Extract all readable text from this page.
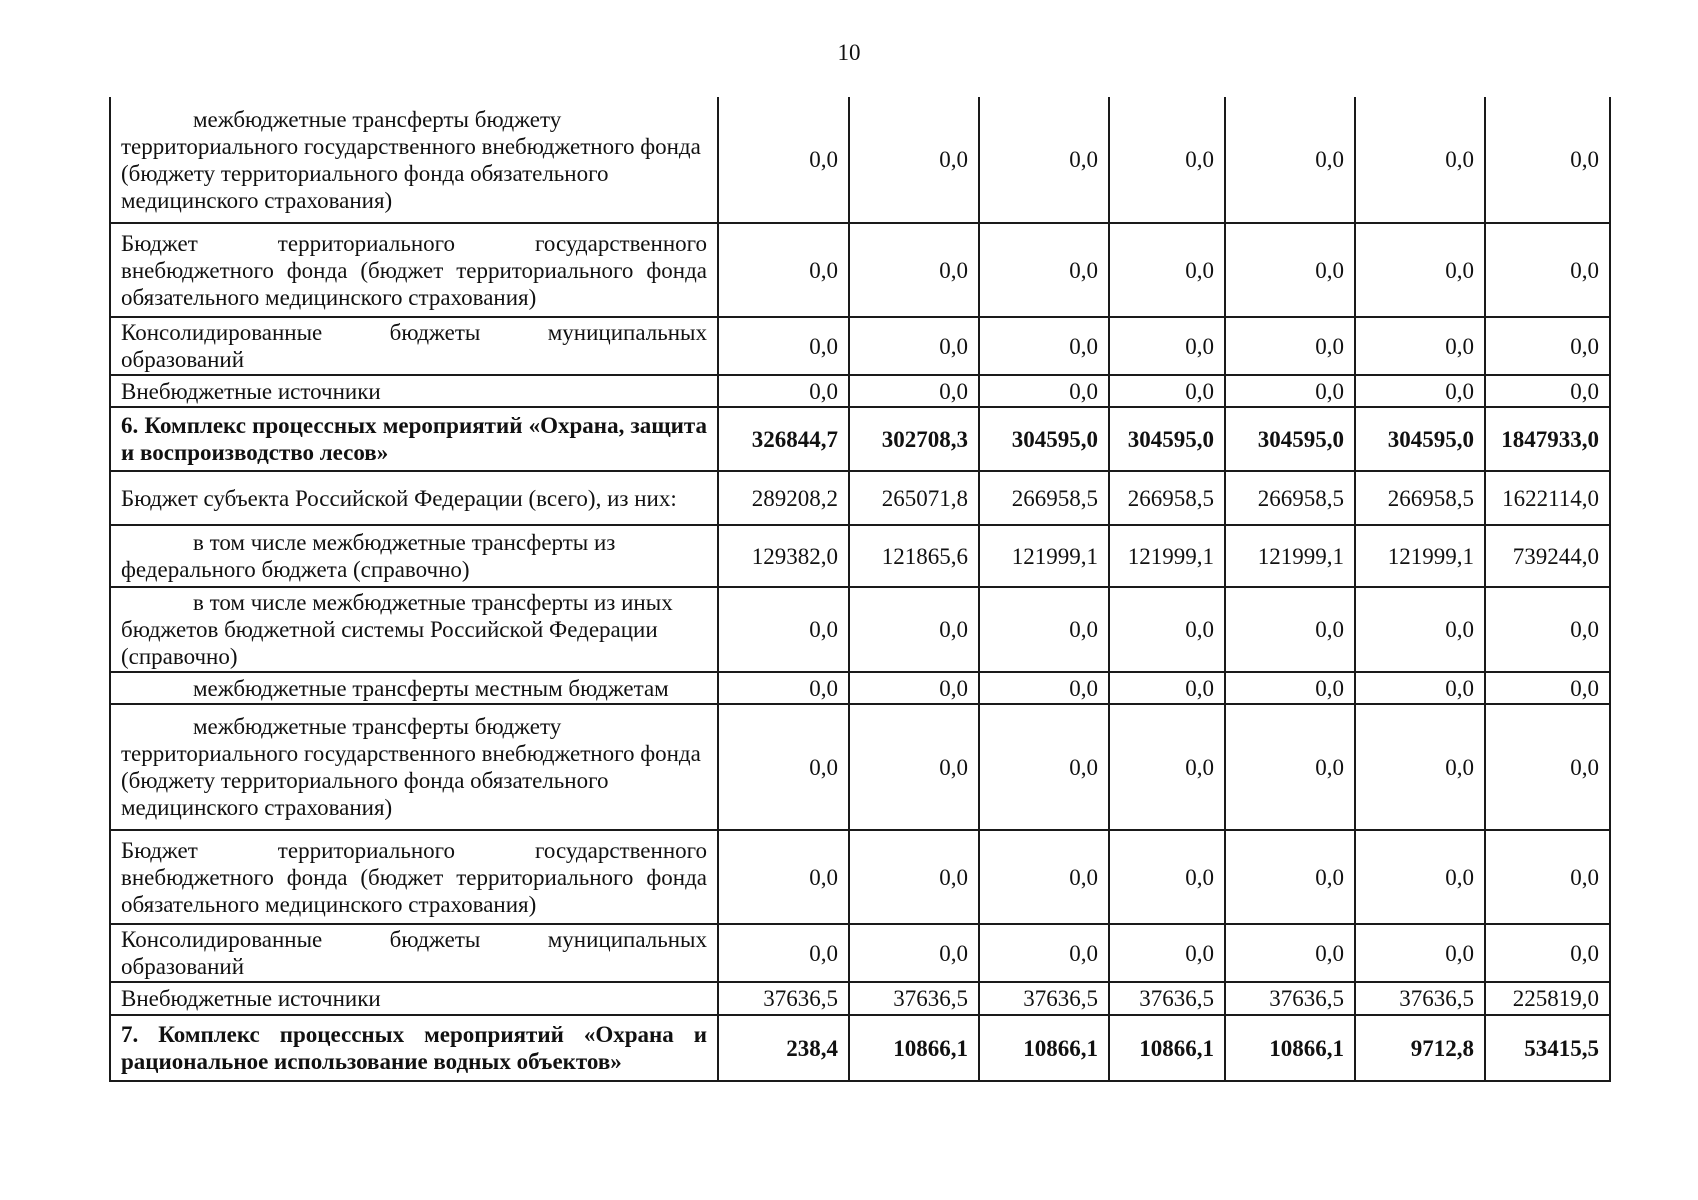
10
межбюджетные трансферты бюджету территориального государственного внебюджетного фонда (бюджету территориального фонда обязательного медицинского страхования)	0,0	0,0	0,0	0,0	0,0	0,0	0,0
Бюджет территориального государственного внебюджетного фонда (бюджет территориального фонда обязательного медицинского страхования)	0,0	0,0	0,0	0,0	0,0	0,0	0,0
Консолидированные бюджеты муниципальных образований	0,0	0,0	0,0	0,0	0,0	0,0	0,0
Внебюджетные источники	0,0	0,0	0,0	0,0	0,0	0,0	0,0
6. Комплекс процессных мероприятий «Охрана, защита и воспроизводство лесов»	326844,7	302708,3	304595,0	304595,0	304595,0	304595,0	1847933,0
Бюджет субъекта Российской Федерации (всего), из них:	289208,2	265071,8	266958,5	266958,5	266958,5	266958,5	1622114,0
в том числе межбюджетные трансферты из федерального бюджета (справочно)	129382,0	121865,6	121999,1	121999,1	121999,1	121999,1	739244,0
в том числе межбюджетные трансферты из иных бюджетов бюджетной системы Российской Федерации (справочно)	0,0	0,0	0,0	0,0	0,0	0,0	0,0
межбюджетные трансферты местным бюджетам	0,0	0,0	0,0	0,0	0,0	0,0	0,0
межбюджетные трансферты бюджету территориального государственного внебюджетного фонда (бюджету территориального фонда обязательного медицинского страхования)	0,0	0,0	0,0	0,0	0,0	0,0	0,0
Бюджет территориального государственного внебюджетного фонда (бюджет территориального фонда обязательного медицинского страхования)	0,0	0,0	0,0	0,0	0,0	0,0	0,0
Консолидированные бюджеты муниципальных образований	0,0	0,0	0,0	0,0	0,0	0,0	0,0
Внебюджетные источники	37636,5	37636,5	37636,5	37636,5	37636,5	37636,5	225819,0
7. Комплекс процессных мероприятий «Охрана и рациональное использование водных объектов»	238,4	10866,1	10866,1	10866,1	10866,1	9712,8	53415,5
